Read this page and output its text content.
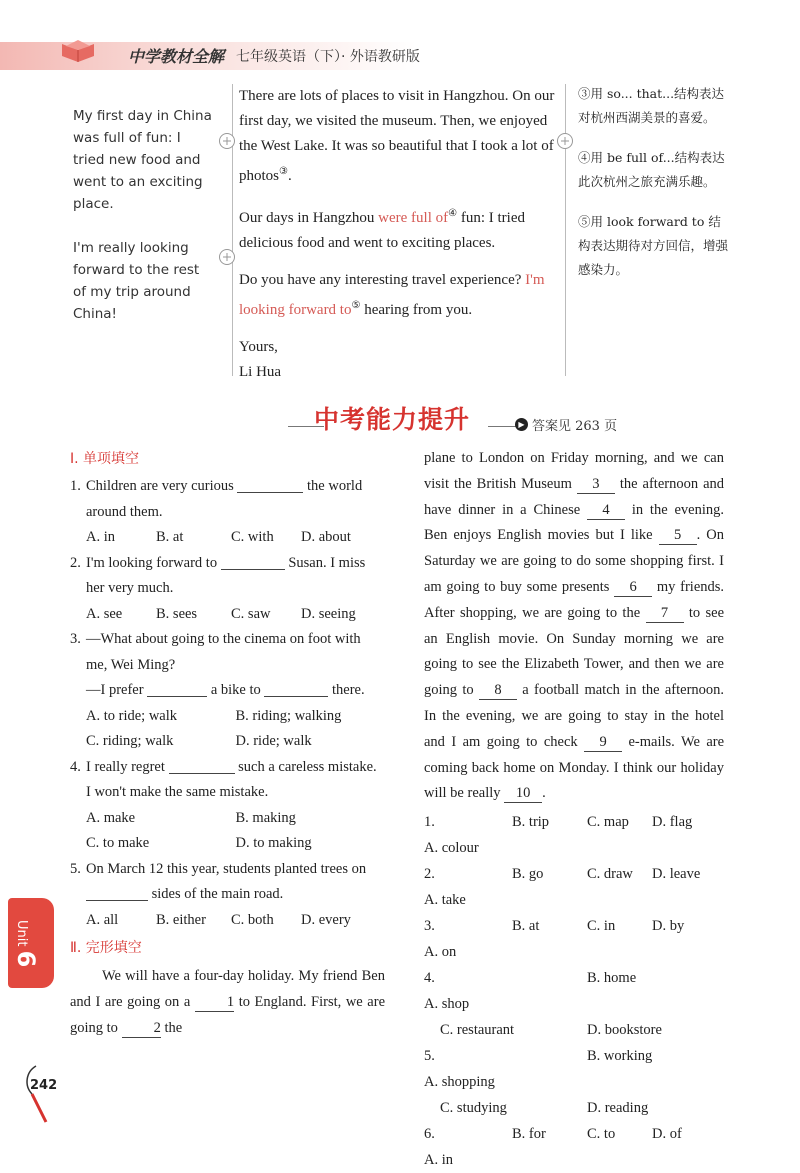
中学教材全解 七年级英语（下）· 外语教研版

My first day in China was full of fun: I tried new food and went to an exciting place.

I'm really looking forward to the rest of my trip around China!

There are lots of places to visit in Hangzhou. On our first day, we visited the museum. Then, we enjoyed the West Lake. It was so beautiful that I took a lot of photos③.

Our days in Hangzhou were full of④ fun: I tried delicious food and went to exciting places.

Do you have any interesting travel experience? I'm looking forward to⑤ hearing from you.

Yours,
Li Hua

③用 so... that...结构表达对杭州西湖美景的喜爱。

④用 be full of...结构表达此次杭州之旅充满乐趣。

⑤用 look forward to 结构表达期待对方回信，增强感染力。

中考能力提升	▶ 答案见 263 页
Ⅰ. 单项填空
1. Children are very curious	the world around them.
A. in	B. at	C. with	D. about
2. I'm looking forward to	Susan. I miss her very much.
A. see	B. sees	C. saw	D. seeing
3. —What about going to the cinema on foot with me, Wei Ming?
—I prefer	a bike to	there.
A. to ride; walk	B. riding; walking
C. riding; walk	D. ride; walk
4. I really regret	such a careless mistake. I won't make the same mistake.
A. make	B. making
C. to make	D. to making
5. On March 12 this year, students planted trees on  sides of the main road.
A. all	B. either	C. both	D. every
Ⅱ. 完形填空
We will have a four-day holiday. My friend Ben and I are going on a	1 to England. First, we are going to 2 the
plane to London on Friday morning, and we can visit the British Museum 3 the afternoon and have dinner in a Chinese 4 in the evening. Ben enjoys English movies but I like 5 . On Saturday we are going to do some shopping first. I am going to buy some presents 6 my friends. After shopping, we are going to the 7 to see an English movie. On Sunday morning we are going to see the Elizabeth Tower, and then we are going to 8 a football match in the afternoon. In the evening, we are going to stay in the hotel and I am going to check 9 e-mails. We are coming back home on Monday. I think our holiday will be really 10 .
1.A. colour
B. trip	C. map	D. flag
2.A. take
B. go	C. draw	D. leave
3.A. on
B. at	C. in	D. by
4.A. shop
B. home
C. restaurant	D. bookstore
5.A. shopping
B. working
C. studying	D. reading
6.A. in
B. for	C. to	D. of
Unit 6
242
